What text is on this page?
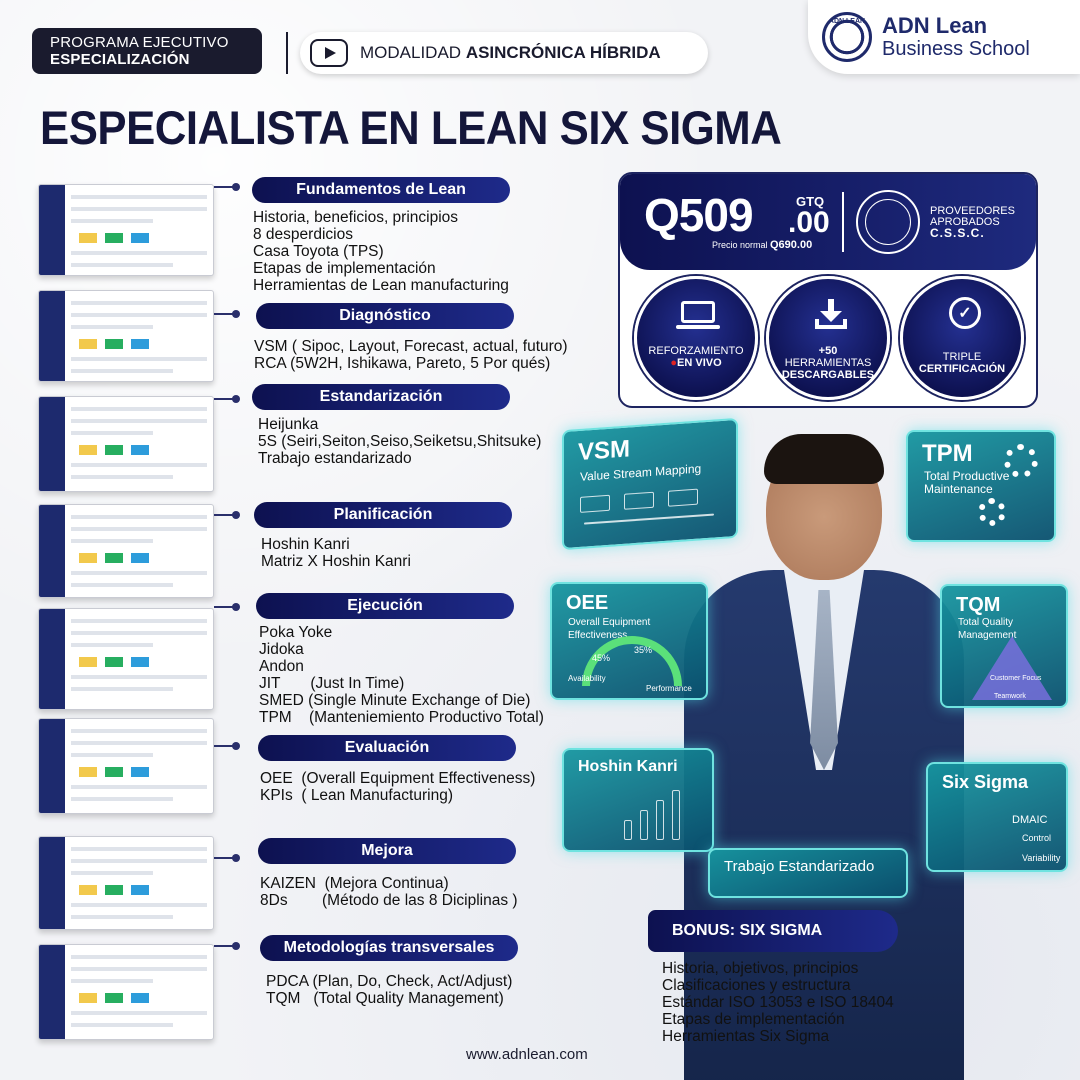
PROGRAMA EJECUTIVO
ESPECIALIZACIÓN	MODALIDAD ASINCRÓNICA HÍBRIDA
ADN LEAN ADN Lean
Business School
ESPECIALISTA EN LEAN SIX SIGMA
Fundamentos de Lean
Historia, beneficios, principios
8 desperdicios
Casa Toyota (TPS)
Etapas de implementación
Herramientas de Lean manufacturing
Diagnóstico
VSM ( Sipoc, Layout, Forecast, actual, futuro)
RCA (5W2H, Ishikawa, Pareto, 5 Por qués)
Estandarización
Heijunka
5S (Seiri,Seiton,Seiso,Seiketsu,Shitsuke)
Trabajo estandarizado
Planificación
Hoshin Kanri
Matriz X Hoshin Kanri
Ejecución
Poka Yoke
Jidoka
Andon
JIT       (Just In Time)
SMED (Single Minute Exchange of Die)
TPM    (Manteniemiento Productivo Total)
Evaluación
OEE  (Overall Equipment Effectiveness)
KPIs  ( Lean Manufacturing)
Mejora
KAIZEN  (Mejora Continua)
8Ds        (Método de las 8 Diciplinas )
Metodologías transversales
PDCA (Plan, Do, Check, Act/Adjust)
TQM   (Total Quality Management)
Q509	GTQ
.00
Precio normal Q690.00
PROVEEDORES
APROBADOS
C.S.S.C.
REFORZAMIENTO
●EN VIVO
+50
HERRAMIENTAS
DESCARGABLES
✓
TRIPLE
CERTIFICACIÓN
VSM
Value Stream Mapping
TPM
Total Productive
Maintenance
OEE
Overall Equipment Effectiveness
45%
35%
Availability
Performance
TQM
Total Quality Management
Customer Focus
Teamwork
Hoshin Kanri
Six Sigma
DMAIC
Control
Variability
Trabajo Estandarizado
BONUS: SIX SIGMA
Historia, objetivos, principios
Clasificaciones y estructura
Estándar ISO 13053 e ISO 18404
Etapas de implementación
Herramientas Six Sigma
www.adnlean.com
